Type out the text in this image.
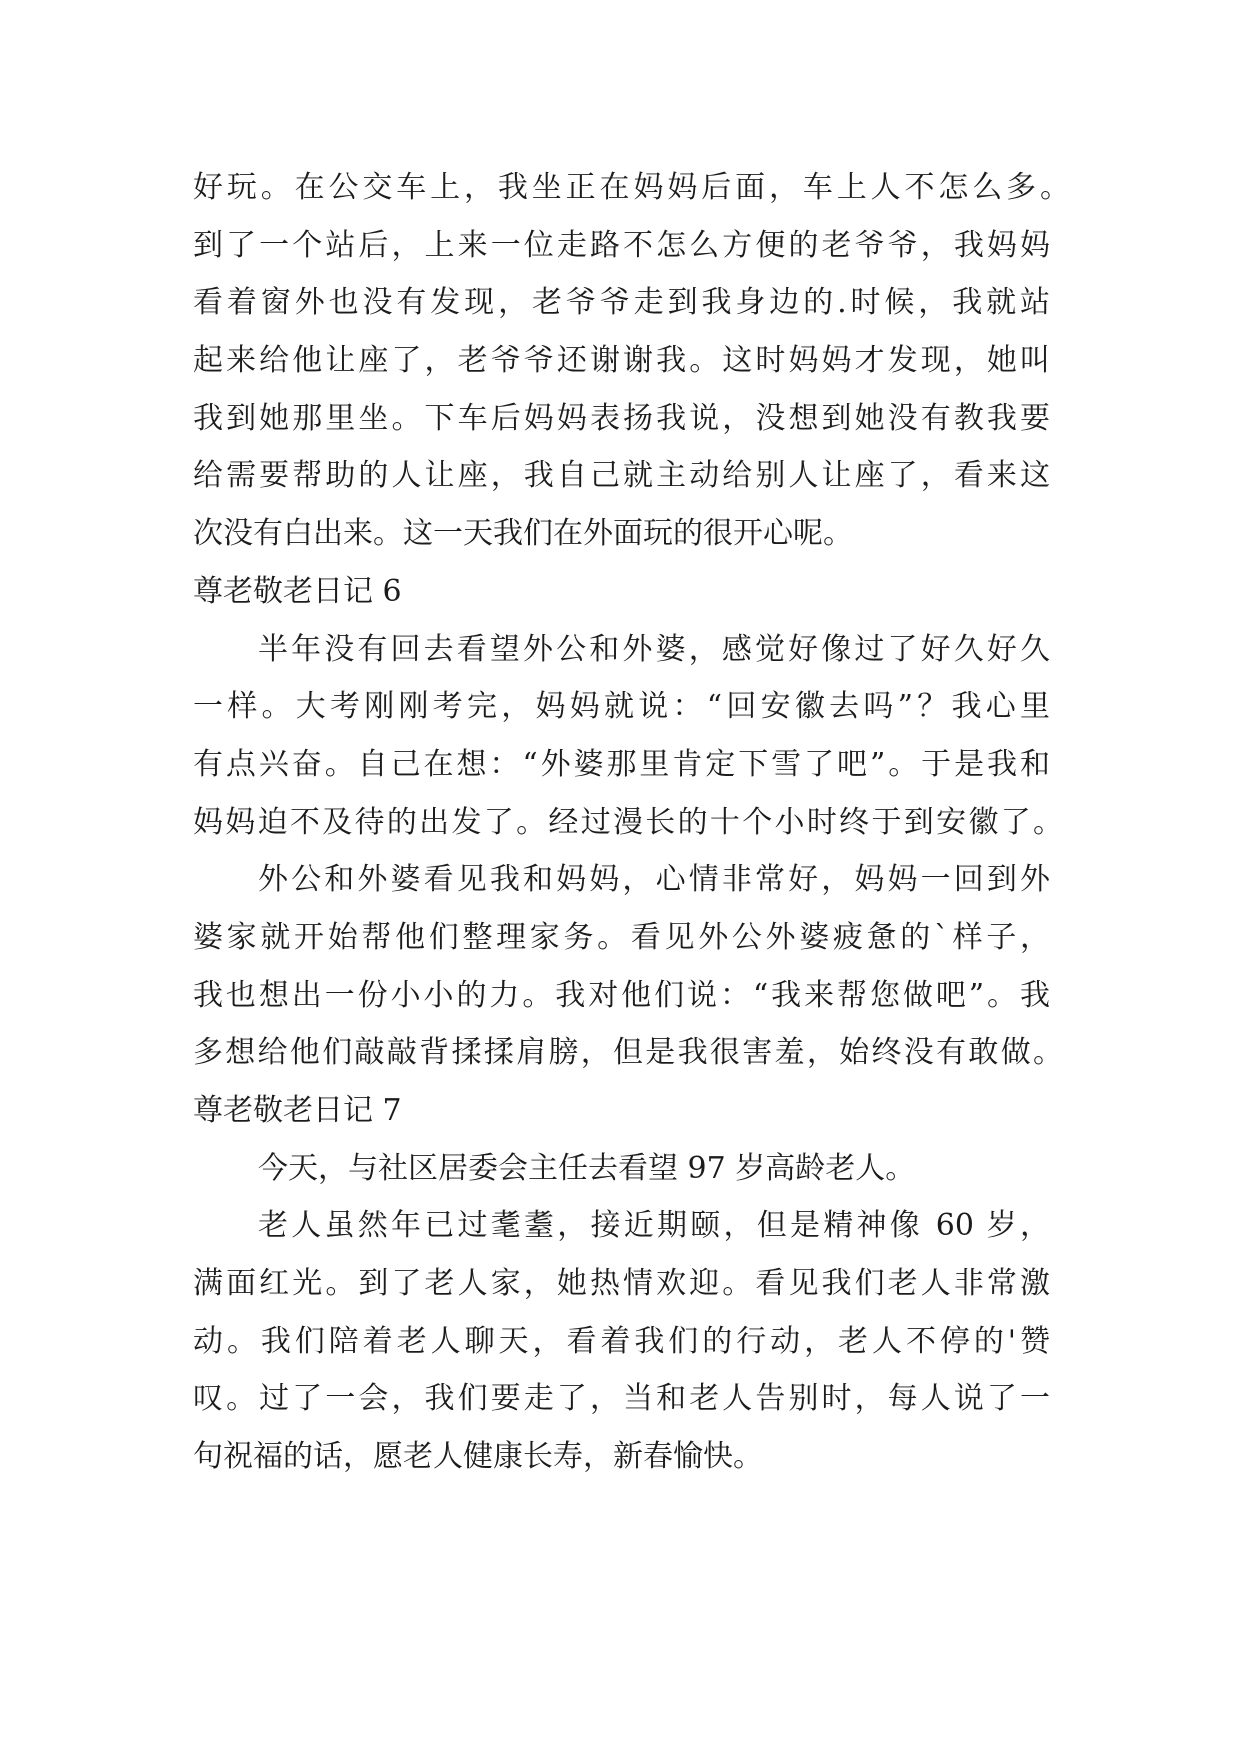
好玩。在公交车上，我坐正在妈妈后面，车上人不怎么多。
到了一个站后，上来一位走路不怎么方便的老爷爷，我妈妈
看着窗外也没有发现，老爷爷走到我身边的.时候，我就站
起来给他让座了，老爷爷还谢谢我。这时妈妈才发现，她叫
我到她那里坐。下车后妈妈表扬我说，没想到她没有教我要
给需要帮助的人让座，我自己就主动给别人让座了，看来这
次没有白出来。这一天我们在外面玩的很开心呢。
尊老敬老日记 6
半年没有回去看望外公和外婆，感觉好像过了好久好久
一样。大考刚刚考完，妈妈就说：“回安徽去吗”？我心里
有点兴奋。自己在想：“外婆那里肯定下雪了吧”。于是我和
妈妈迫不及待的出发了。经过漫长的十个小时终于到安徽了。
外公和外婆看见我和妈妈，心情非常好，妈妈一回到外
婆家就开始帮他们整理家务。看见外公外婆疲惫的`样子，
我也想出一份小小的力。我对他们说：“我来帮您做吧”。我
多想给他们敲敲背揉揉肩膀，但是我很害羞，始终没有敢做。
尊老敬老日记 7
今天，与社区居委会主任去看望 97 岁高龄老人。
老人虽然年已过耄耋，接近期颐，但是精神像 60 岁，
满面红光。到了老人家，她热情欢迎。看见我们老人非常激
动。我们陪着老人聊天，看着我们的行动，老人不停的'赞
叹。过了一会，我们要走了，当和老人告别时，每人说了一
句祝福的话，愿老人健康长寿，新春愉快。
